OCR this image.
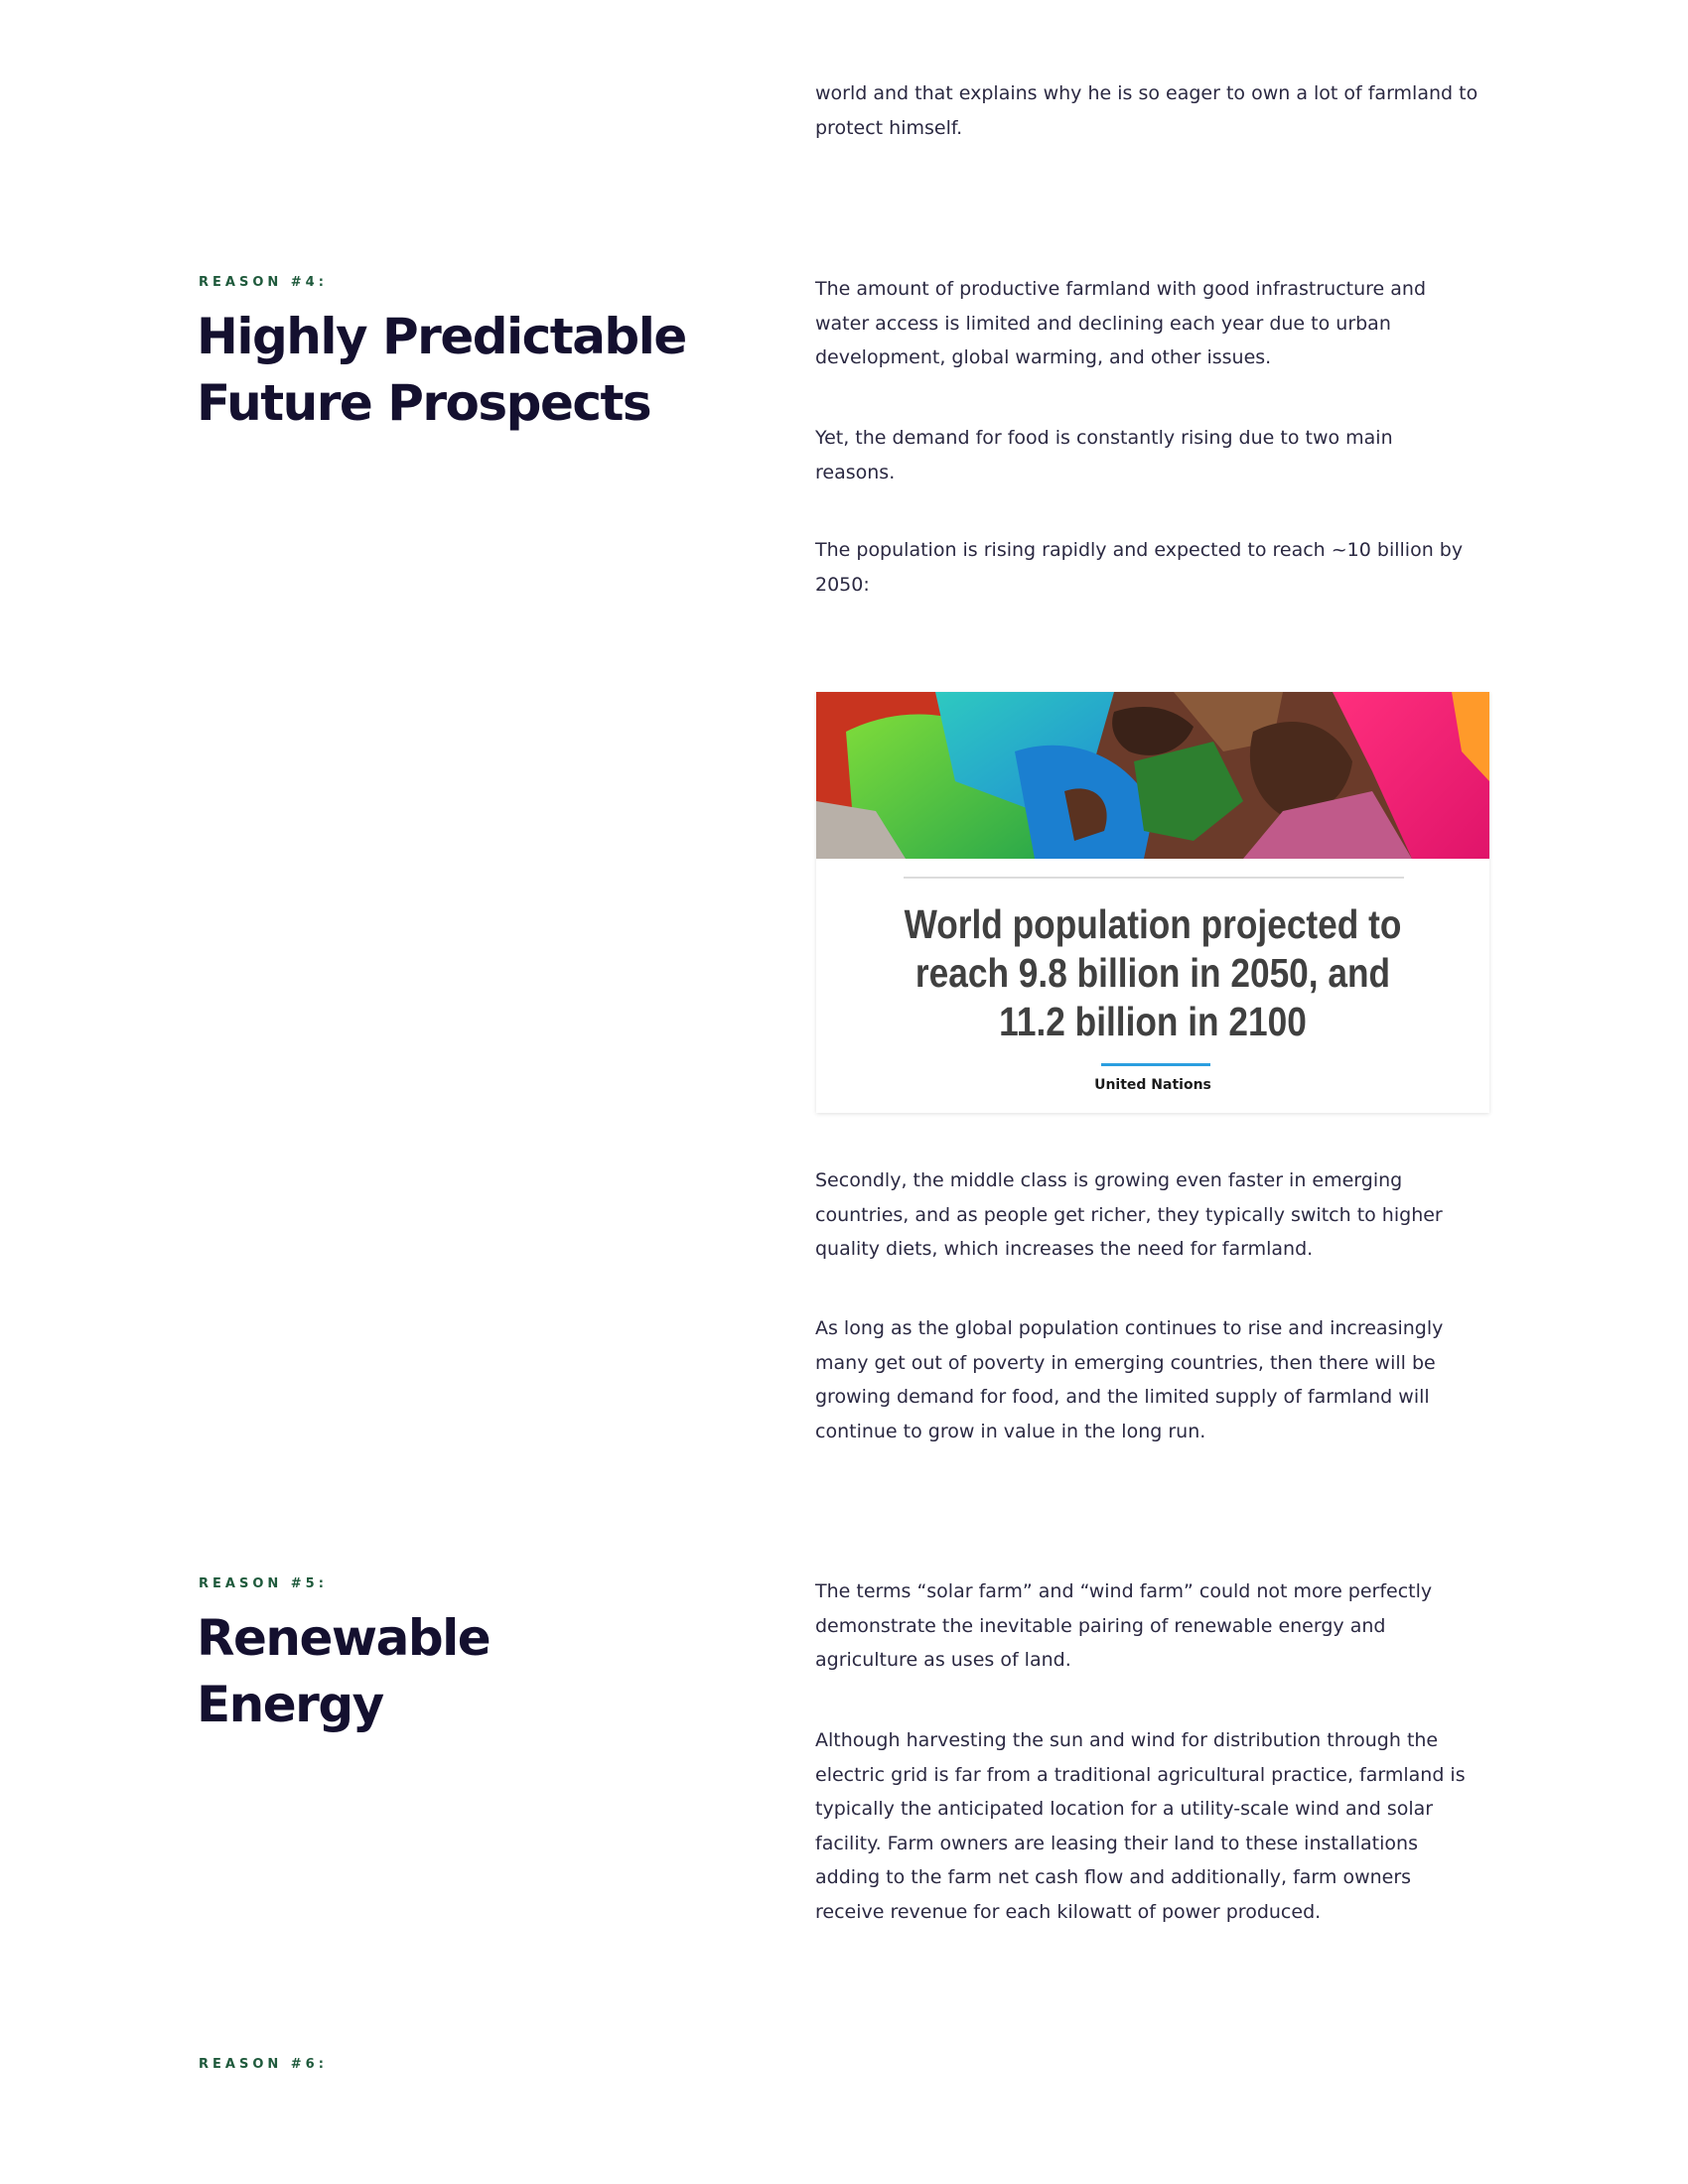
world and that explains why he is so eager to own a lot of farmland to
protect himself.

REASON #4:
Highly Predictable
Future Prospects

The amount of productive farmland with good infrastructure and
water access is limited and declining each year due to urban
development, global warming, and other issues.

Yet, the demand for food is constantly rising due to two main
reasons.

The population is rising rapidly and expected to reach ~10 billion by
2050:

World population projected to
reach 9.8 billion in 2050, and
11.2 billion in 2100

United Nations

Secondly, the middle class is growing even faster in emerging
countries, and as people get richer, they typically switch to higher
quality diets, which increases the need for farmland.

As long as the global population continues to rise and increasingly
many get out of poverty in emerging countries, then there will be
growing demand for food, and the limited supply of farmland will
continue to grow in value in the long run.

REASON #5:
Renewable
Energy

The terms “solar farm” and “wind farm” could not more perfectly
demonstrate the inevitable pairing of renewable energy and
agriculture as uses of land.

Although harvesting the sun and wind for distribution through the
electric grid is far from a traditional agricultural practice, farmland is
typically the anticipated location for a utility-scale wind and solar
facility. Farm owners are leasing their land to these installations
adding to the farm net cash flow and additionally, farm owners
receive revenue for each kilowatt of power produced.

REASON #6:
